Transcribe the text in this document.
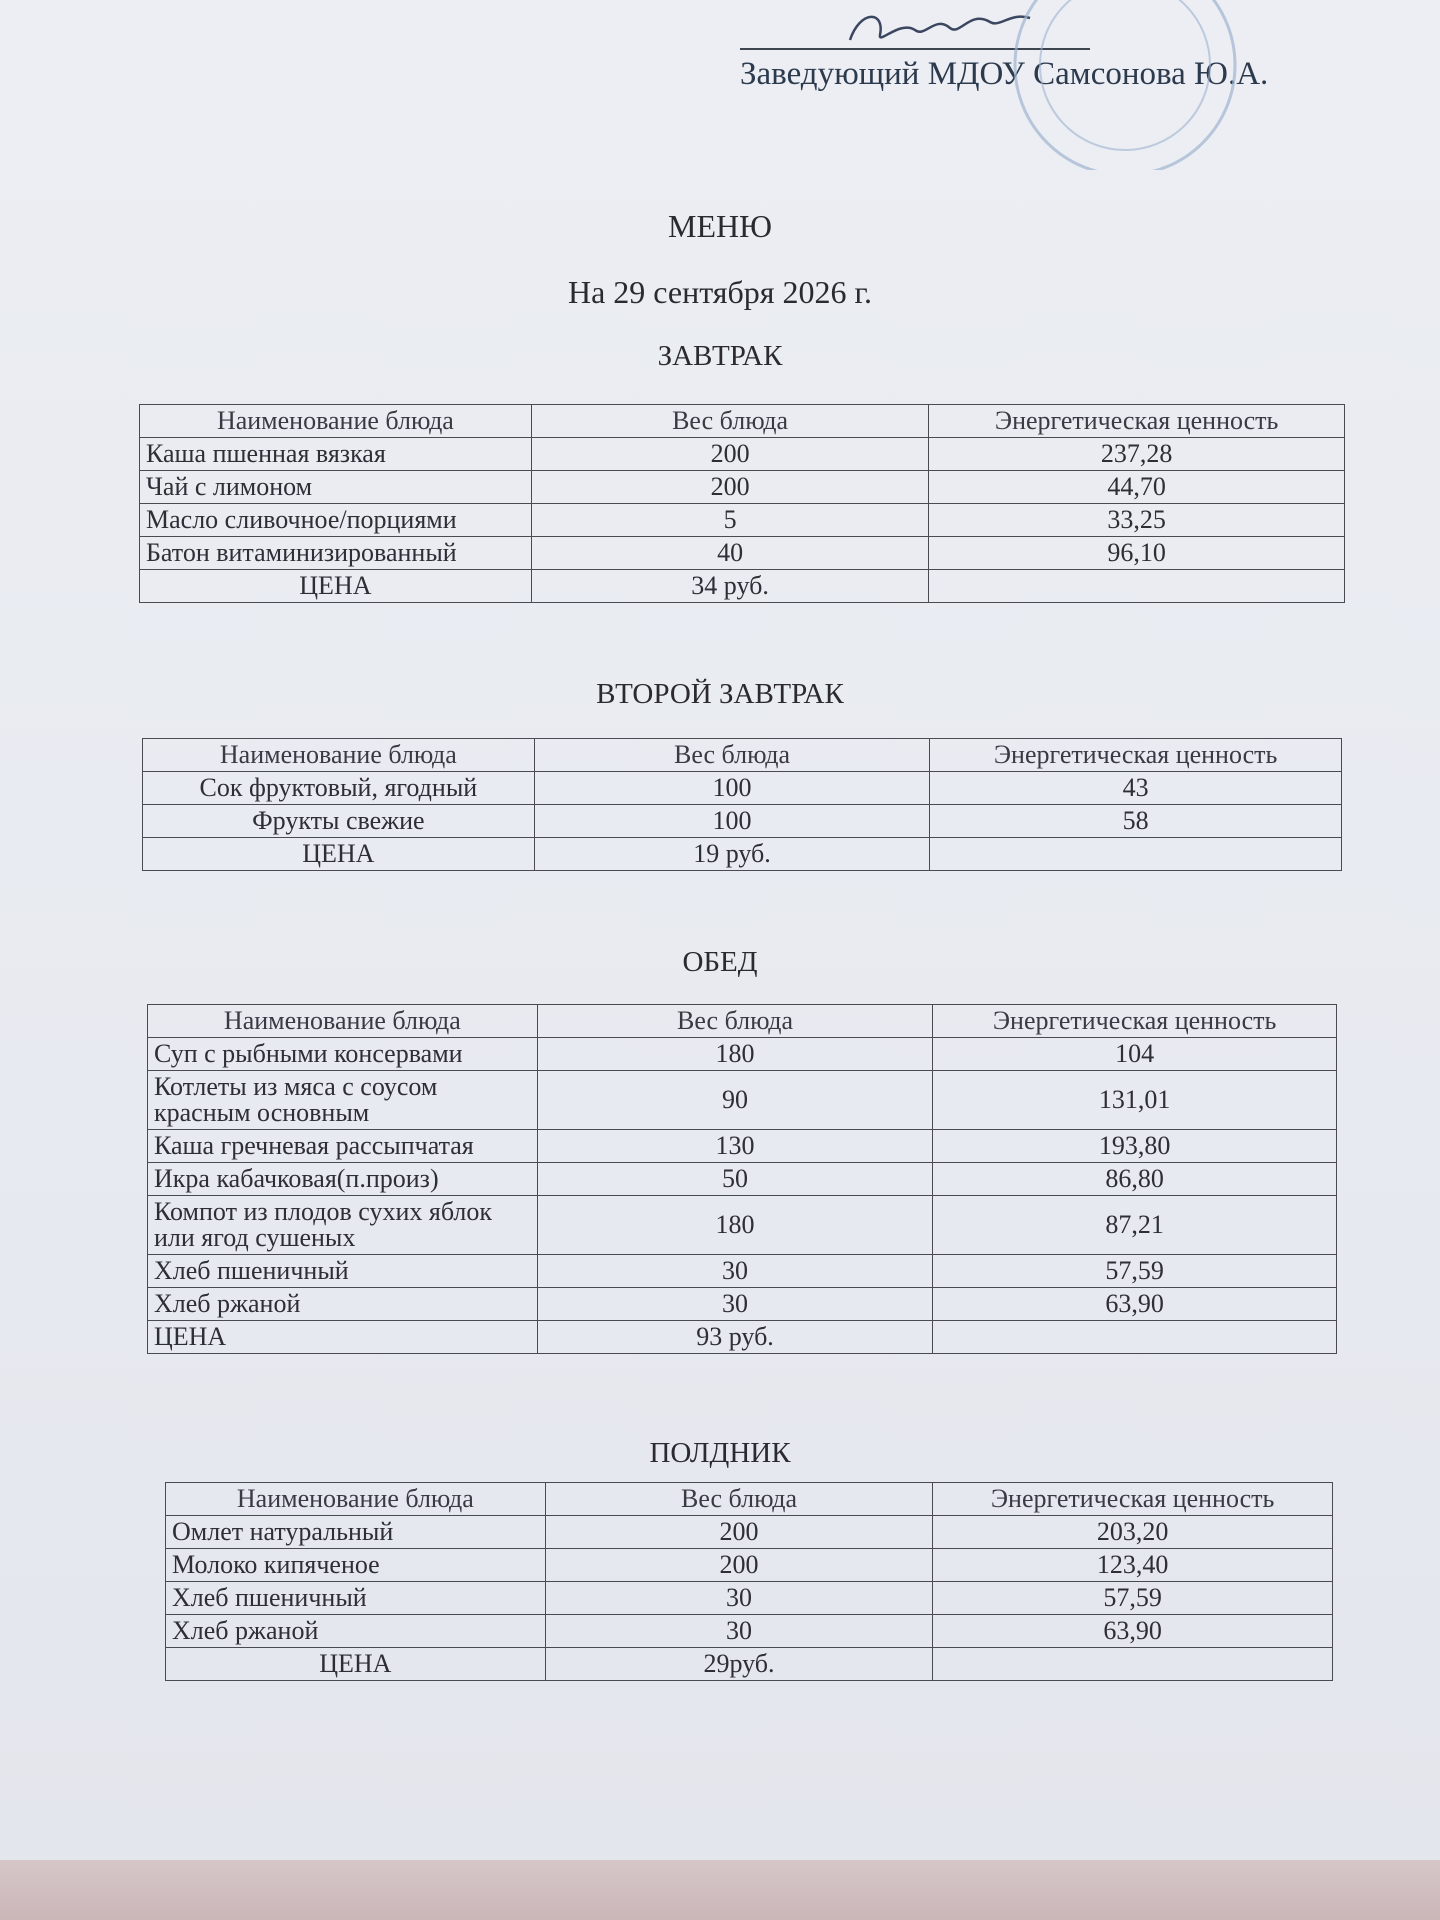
Заведующий МДОУ Самсонова Ю.А.
МЕНЮ
На 29 сентября 2026 г.
ЗАВТРАК
Наименование блюда	Вес блюда	Энергетическая ценность
Каша пшенная вязкая	200	237,28
Чай с лимоном	200	44,70
Масло сливочное/порциями	5	33,25
Батон витаминизированный	40	96,10
ЦЕНА	34 руб.	
ВТОРОЙ ЗАВТРАК
Наименование блюда	Вес блюда	Энергетическая ценность
Сок фруктовый, ягодный	100	43
Фрукты свежие	100	58
ЦЕНА	19 руб.	
ОБЕД
Наименование блюда	Вес блюда	Энергетическая ценность
Суп с рыбными консервами	180	104
Котлеты из мяса с соусом красным основным	90	131,01
Каша гречневая рассыпчатая	130	193,80
Икра кабачковая(п.произ)	50	86,80
Компот из плодов сухих яблок или ягод сушеных	180	87,21
Хлеб пшеничный	30	57,59
Хлеб ржаной	30	63,90
ЦЕНА	93 руб.	
ПОЛДНИК
Наименование блюда	Вес блюда	Энергетическая ценность
Омлет натуральный	200	203,20
Молоко кипяченое	200	123,40
Хлеб пшеничный	30	57,59
Хлеб ржаной	30	63,90
ЦЕНА	29руб.	
